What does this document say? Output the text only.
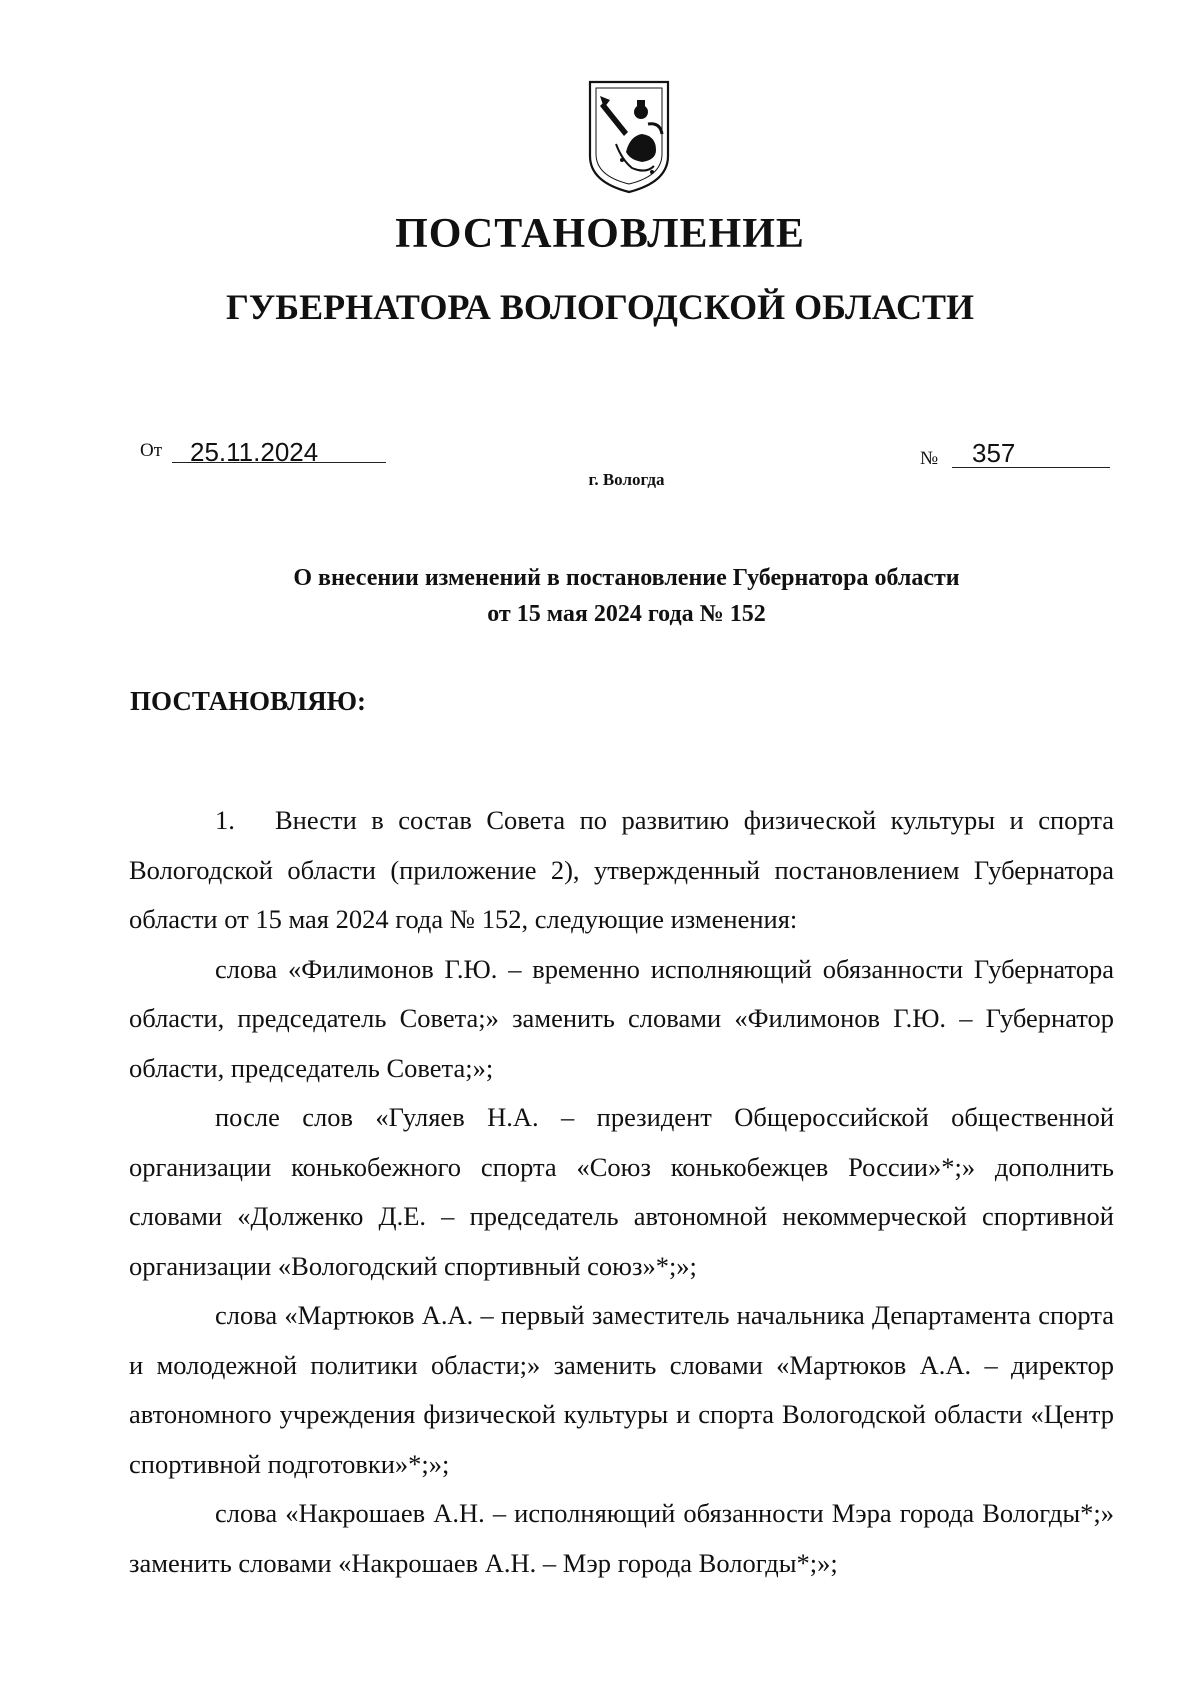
ПОСТАНОВЛЕНИЕ
ГУБЕРНАТОРА ВОЛОГОДСКОЙ ОБЛАСТИ
От 25.11.2024	№ 357
г. Вологда
О внесении изменений в постановление Губернатора области
от 15 мая 2024 года № 152
ПОСТАНОВЛЯЮ:

1. Внести в состав Совета по развитию физической культуры и спорта Вологодской области (приложение 2), утвержденный постановлением Губернатора области от 15 мая 2024 года № 152, следующие изменения:

слова «Филимонов Г.Ю. – временно исполняющий обязанности Губернатора области, председатель Совета;» заменить словами «Филимонов Г.Ю. – Губернатор области, председатель Совета;»;

после слов «Гуляев Н.А. – президент Общероссийской общественной организации конькобежного спорта «Союз конькобежцев России»*;» дополнить словами «Долженко Д.Е. – председатель автономной некоммерческой спортивной организации «Вологодский спортивный союз»*;»;

слова «Мартюков А.А. – первый заместитель начальника Департамента спорта и молодежной политики области;» заменить словами «Мартюков А.А. – директор автономного учреждения физической культуры и спорта Вологодской области «Центр спортивной подготовки»*;»;

слова «Накрошаев А.Н. – исполняющий обязанности Мэра города Вологды*;» заменить словами «Накрошаев А.Н. – Мэр города Вологды*;»;
